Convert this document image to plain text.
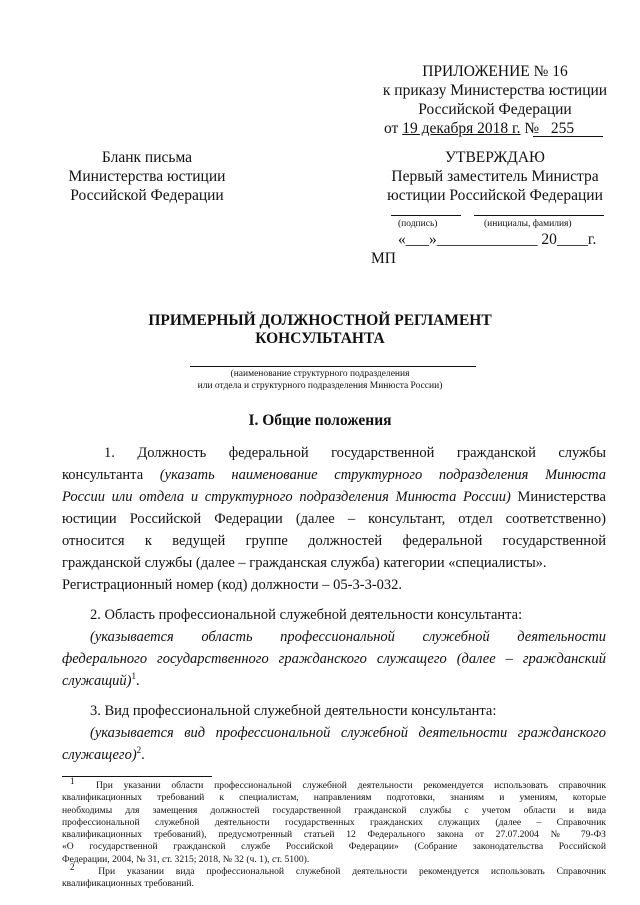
ПРИЛОЖЕНИЕ № 16
к приказу Министерства юстиции
Российской Федерации
от 19 декабря 2018 г. № 255
Бланк письма
Министерства юстиции
Российской Федерации
УТВЕРЖДАЮ
Первый заместитель Министра
юстиции Российской Федерации
(подпись)	(инициалы, фамилия)
«___»_____________ 20____г.
МП
ПРИМЕРНЫЙ ДОЛЖНОСТНОЙ РЕГЛАМЕНТ
КОНСУЛЬТАНТА
(наименование структурного подразделения
или отдела и структурного подразделения Минюста России)
I. Общие положения
1. Должность федеральной государственной гражданской службы
консультанта (указать наименование структурного подразделения Минюста
России или отдела и структурного подразделения Минюста России) Министерства
юстиции Российской Федерации (далее – консультант, отдел соответственно)
относится к ведущей группе должностей федеральной государственной
гражданской службы (далее – гражданская служба) категории «специалисты».
Регистрационный номер (код) должности – 05-3-3-032.
2. Область профессиональной служебной деятельности консультанта:
(указывается область профессиональной служебной деятельности
федерального государственного гражданского служащего (далее – гражданский
служащий)$^1$.
3. Вид профессиональной служебной деятельности консультанта:
(указывается вид профессиональной служебной деятельности гражданского
служащего)$^2$.
$^1$ При указании области профессиональной служебной деятельности рекомендуется использовать справочник
квалификационных требований к специалистам, направлениям подготовки, знаниям и умениям, которые
необходимы для замещения должностей государственной гражданской службы с учетом области и вида
профессиональной служебной деятельности государственных гражданских служащих (далее – Справочник
квалификационных требований), предусмотренный статьей 12 Федерального закона от 27.07.2004 № 79-ФЗ
«О государственной гражданской службе Российской Федерации» (Собрание законодательства Российской
Федерации, 2004, № 31, ст. 3215; 2018, № 32 (ч. 1), ст. 5100).
$^2$ При указании вида профессиональной служебной деятельности рекомендуется использовать Справочник
квалификационных требований.
